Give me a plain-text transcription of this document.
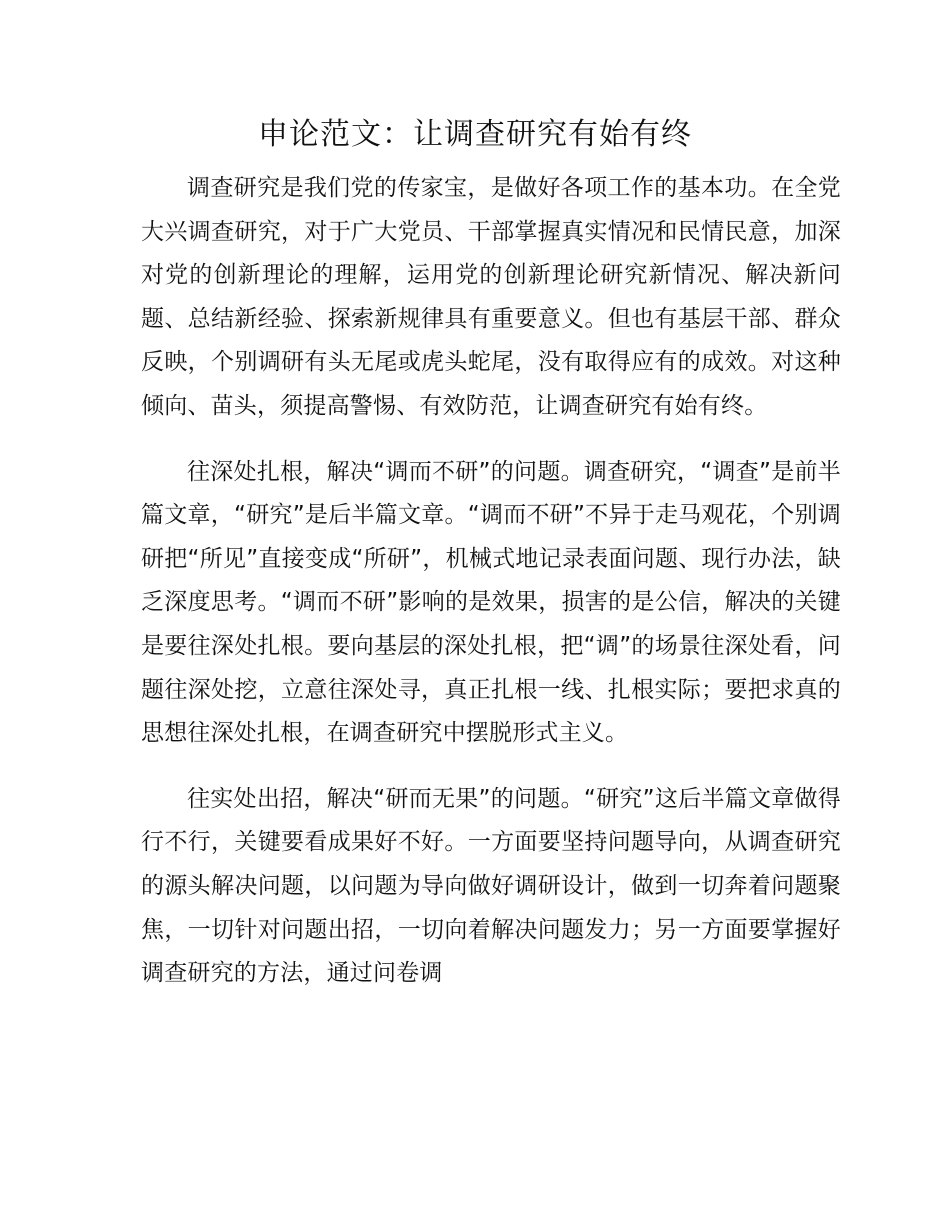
申论范文：让调查研究有始有终

调查研究是我们党的传家宝，是做好各项工作的基本功。在全党大兴调查研究，对于广大党员、干部掌握真实情况和民情民意，加深对党的创新理论的理解，运用党的创新理论研究新情况、解决新问题、总结新经验、探索新规律具有重要意义。但也有基层干部、群众反映，个别调研有头无尾或虎头蛇尾，没有取得应有的成效。对这种倾向、苗头，须提高警惕、有效防范，让调查研究有始有终。

往深处扎根，解决“调而不研”的问题。调查研究，“调查”是前半篇文章，“研究”是后半篇文章。“调而不研”不异于走马观花，个别调研把“所见”直接变成“所研”，机械式地记录表面问题、现行办法，缺乏深度思考。“调而不研”影响的是效果，损害的是公信，解决的关键是要往深处扎根。要向基层的深处扎根，把“调”的场景往深处看，问题往深处挖，立意往深处寻，真正扎根一线、扎根实际；要把求真的思想往深处扎根，在调查研究中摆脱形式主义。

往实处出招，解决“研而无果”的问题。“研究”这后半篇文章做得行不行，关键要看成果好不好。一方面要坚持问题导向，从调查研究的源头解决问题，以问题为导向做好调研设计，做到一切奔着问题聚焦，一切针对问题出招，一切向着解决问题发力；另一方面要掌握好调查研究的方法，通过问卷调
